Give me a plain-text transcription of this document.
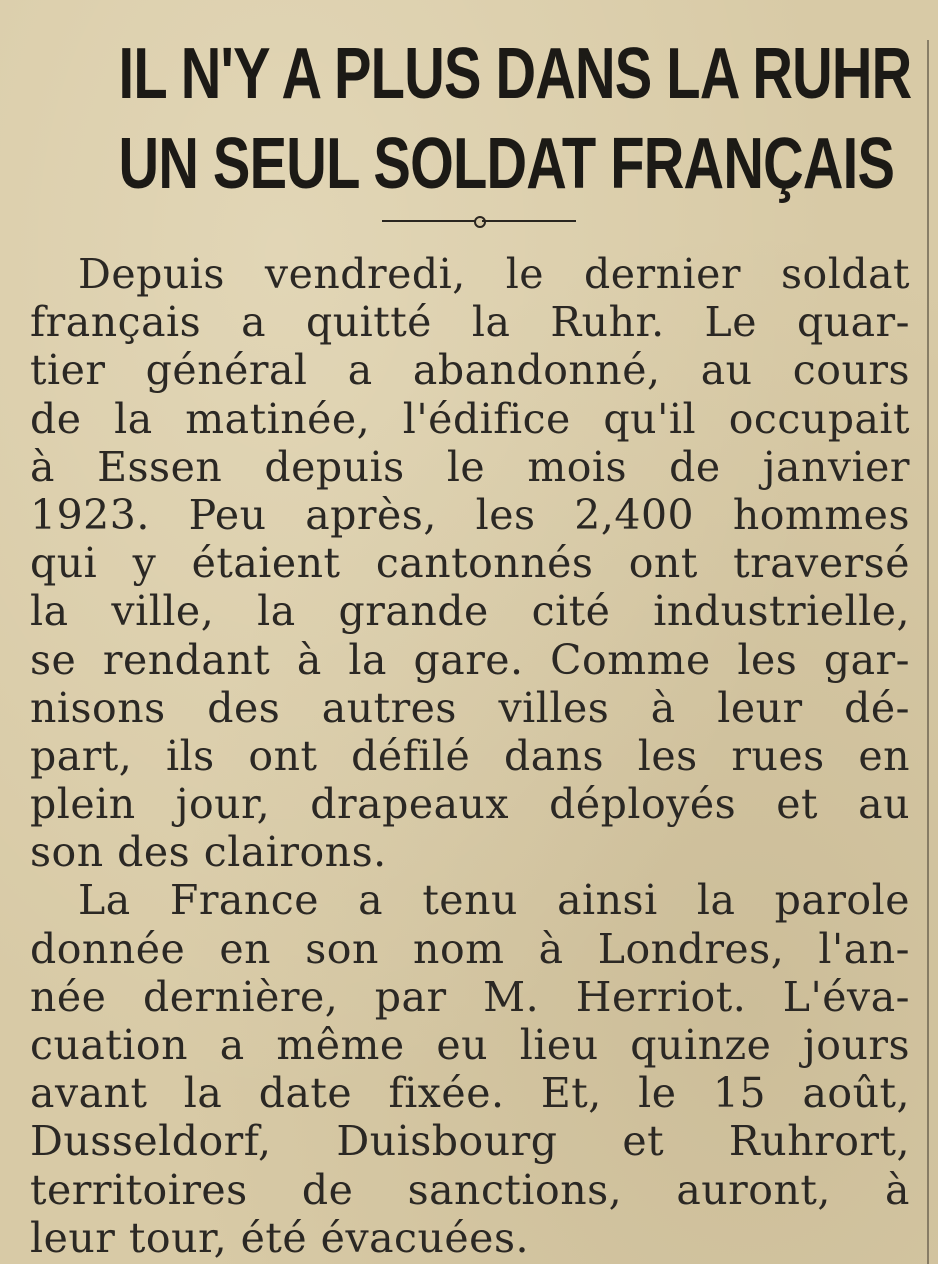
IL N'Y A PLUS DANS LA RUHR
UN SEUL SOLDAT FRANÇAIS
Depuis vendredi, le dernier soldat
français a quitté la Ruhr. Le quar-
tier général a abandonné, au cours
de la matinée, l'édifice qu'il occupait
à Essen depuis le mois de janvier
1923. Peu après, les 2,400 hommes
qui y étaient cantonnés ont traversé
la ville, la grande cité industrielle,
se rendant à la gare. Comme les gar-
nisons des autres villes à leur dé-
part, ils ont défilé dans les rues en
plein jour, drapeaux déployés et au
son des clairons.
La France a tenu ainsi la parole
donnée en son nom à Londres, l'an-
née dernière, par M. Herriot. L'éva-
cuation a même eu lieu quinze jours
avant la date fixée. Et, le 15 août,
Dusseldorf, Duisbourg et Ruhrort,
territoires de sanctions, auront, à
leur tour, été évacuées.
